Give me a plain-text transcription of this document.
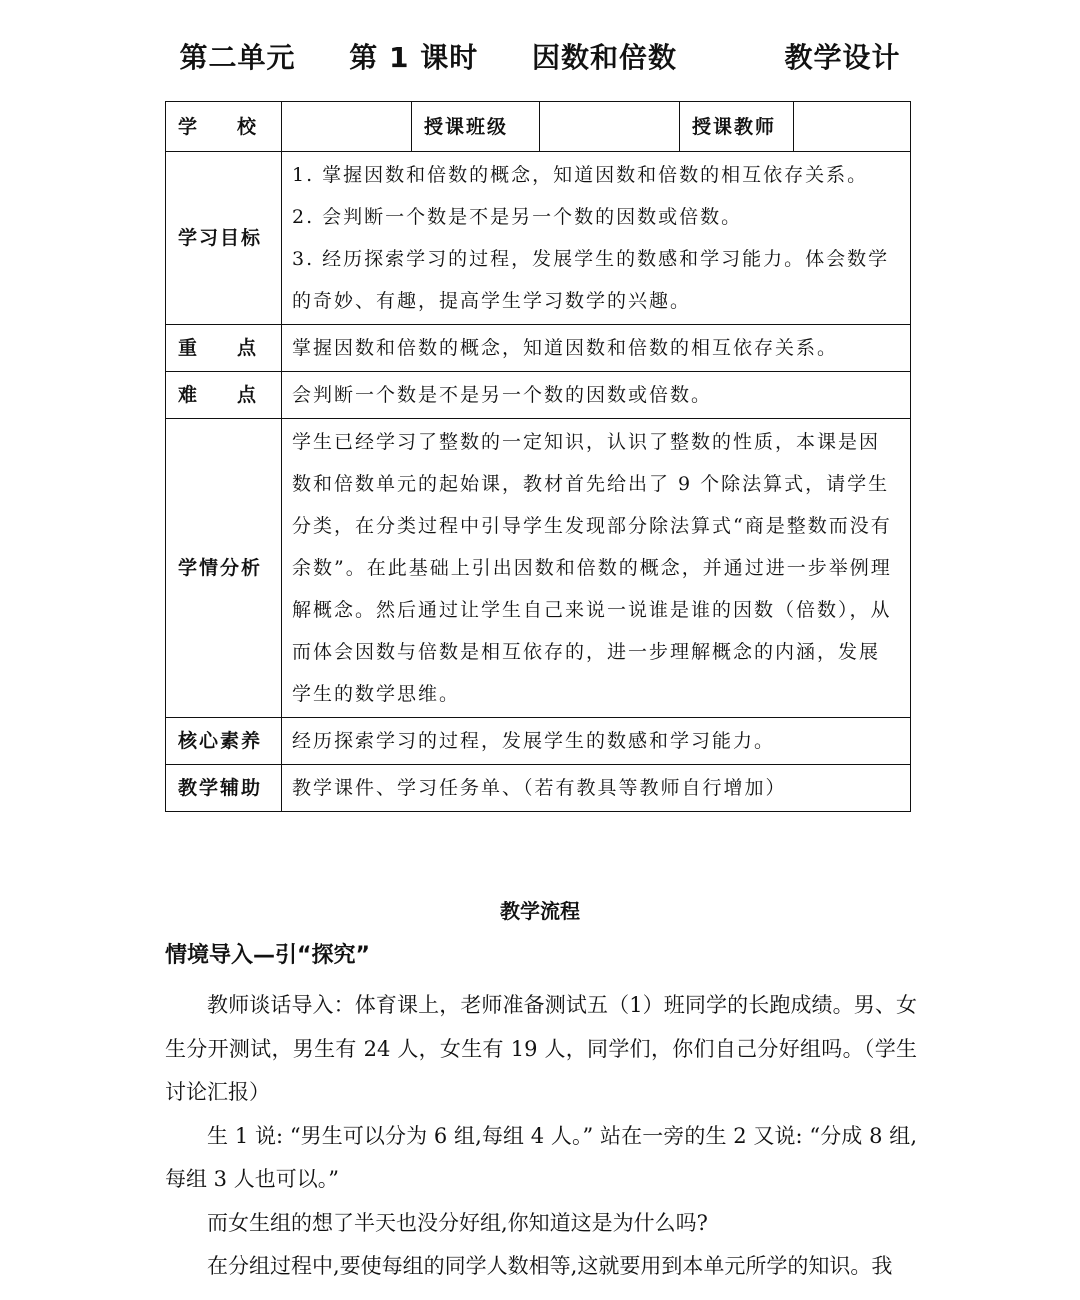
第二单元     第 1 课时     因数和倍数          教学设计
学 校		授课班级		授课教师	
学习目标	1. 掌握因数和倍数的概念，知道因数和倍数的相互依存关系。

2. 会判断一个数是不是另一个数的因数或倍数。

3. 经历探索学习的过程，发展学生的数感和学习能力。体会数学的奇妙、有趣，提高学生学习数学的兴趣。				

重 点	掌握因数和倍数的概念，知道因数和倍数的相互依存关系。				

难 点	会判断一个数是不是另一个数的因数或倍数。				
学情分析	学生已经学习了整数的一定知识，认识了整数的性质，本课是因数和倍数单元的起始课，教材首先给出了 9 个除法算式，请学生分类，在分类过程中引导学生发现部分除法算式“商是整数而没有余数”。在此基础上引出因数和倍数的概念，并通过进一步举例理解概念。然后通过让学生自己来说一说谁是谁的因数（倍数），从而体会因数与倍数是相互依存的，进一步理解概念的内涵，发展学生的数学思维。				
核心素养	经历探索学习的过程，发展学生的数感和学习能力。				
教学辅助	教学课件、学习任务单、（若有教具等教师自行增加）				
教学流程
情境导入—引“探究”

教师谈话导入：体育课上，老师准备测试五（1）班同学的长跑成绩。男、女生分开测试，男生有 24 人，女生有 19 人，同学们，你们自己分好组吗。（学生讨论汇报）

生 1 说: “男生可以分为 6 组,每组 4 人。” 站在一旁的生 2 又说: “分成 8 组,每组 3 人也可以。”

而女生组的想了半天也没分好组,你知道这是为什么吗?

在分组过程中,要使每组的同学人数相等,这就要用到本单元所学的知识。我
